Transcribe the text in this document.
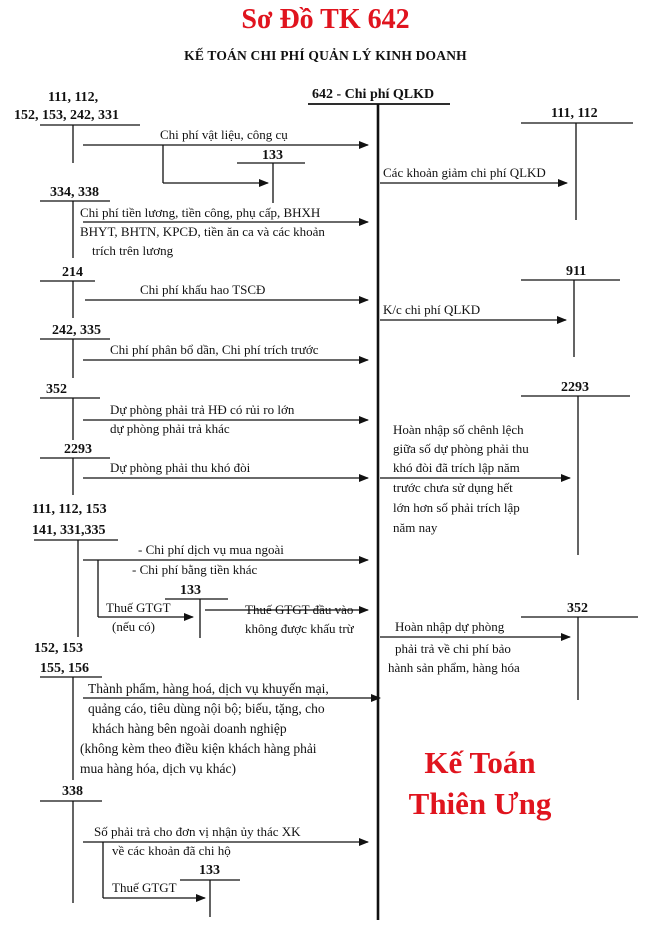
Sơ Đồ TK 642
KẾ TOÁN CHI PHÍ QUẢN LÝ KINH DOANH
642 - Chi phí QLKD
111, 112,
152, 153, 242, 331
Chi phí vật liệu, công cụ
133
334, 338
Chi phí tiền lương, tiền công, phụ cấp, BHXH
BHYT, BHTN, KPCĐ, tiền ăn ca và các khoản
trích trên lương
214
Chi phí khấu hao TSCĐ
242, 335
Chi phí phân bổ dần, Chi phí trích trước
352
Dự phòng phải trả HĐ có rủi ro lớn
dự phòng phải trả khác
2293
Dự phòng phải thu khó đòi
111, 112, 153
141, 331,335
- Chi phí dịch vụ mua ngoài
- Chi phí bằng tiền khác
133
Thuế GTGT
(nếu có)
Thuế GTGT đầu vào
không được khấu trừ
152, 153
155, 156
Thành phẩm, hàng hoá, dịch vụ khuyến mại,
quảng cáo, tiêu dùng nội bộ; biếu, tặng, cho
khách hàng bên ngoài doanh nghiệp
(không kèm theo điều kiện khách hàng phải
mua hàng hóa, dịch vụ khác)
338
Số phải trả cho đơn vị nhận ủy thác XK
về các khoản đã chi hộ
Thuế GTGT
133
111, 112
Các khoản giảm chi phí QLKD
911
K/c chi phí QLKD
2293
Hoàn nhập số chênh lệch
giữa số dự phòng phải thu
khó đòi đã trích lập năm
trước chưa sử dụng hết
lớn hơn số phải trích lập
năm nay
352
Hoàn nhập dự phòng
phải trả về chi phí bảo
hành sản phẩm, hàng hóa
Kế Toán
Thiên Ưng
